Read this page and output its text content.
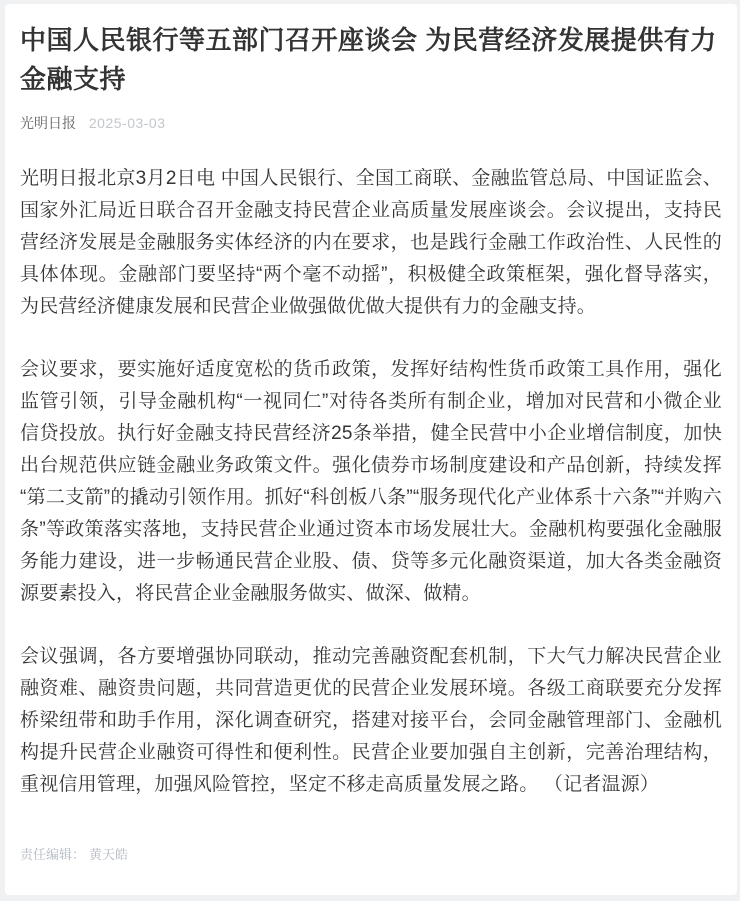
中国人民银行等五部门召开座谈会 为民营经济发展提供有力金融支持
光明日报 2025-03-03

光明日报北京3月2日电 中国人民银行、全国工商联、金融监管总局、中国证监会、国家外汇局近日联合召开金融支持民营企业高质量发展座谈会。会议提出，支持民营经济发展是金融服务实体经济的内在要求，也是践行金融工作政治性、人民性的具体体现。金融部门要坚持“两个毫不动摇”，积极健全政策框架，强化督导落实，为民营经济健康发展和民营企业做强做优做大提供有力的金融支持。

会议要求，要实施好适度宽松的货币政策，发挥好结构性货币政策工具作用，强化监管引领，引导金融机构“一视同仁”对待各类所有制企业，增加对民营和小微企业信贷投放。执行好金融支持民营经济25条举措，健全民营中小企业增信制度，加快出台规范供应链金融业务政策文件。强化债券市场制度建设和产品创新，持续发挥“第二支箭”的撬动引领作用。抓好“科创板八条”“服务现代化产业体系十六条”“并购六条”等政策落实落地，支持民营企业通过资本市场发展壮大。金融机构要强化金融服务能力建设，进一步畅通民营企业股、债、贷等多元化融资渠道，加大各类金融资源要素投入，将民营企业金融服务做实、做深、做精。

会议强调，各方要增强协同联动，推动完善融资配套机制，下大气力解决民营企业融资难、融资贵问题，共同营造更优的民营企业发展环境。各级工商联要充分发挥桥梁纽带和助手作用，深化调查研究，搭建对接平台，会同金融管理部门、金融机构提升民营企业融资可得性和便利性。民营企业要加强自主创新，完善治理结构，重视信用管理，加强风险管控，坚定不移走高质量发展之路。 （记者温源）

责任编辑： 黄天皓
